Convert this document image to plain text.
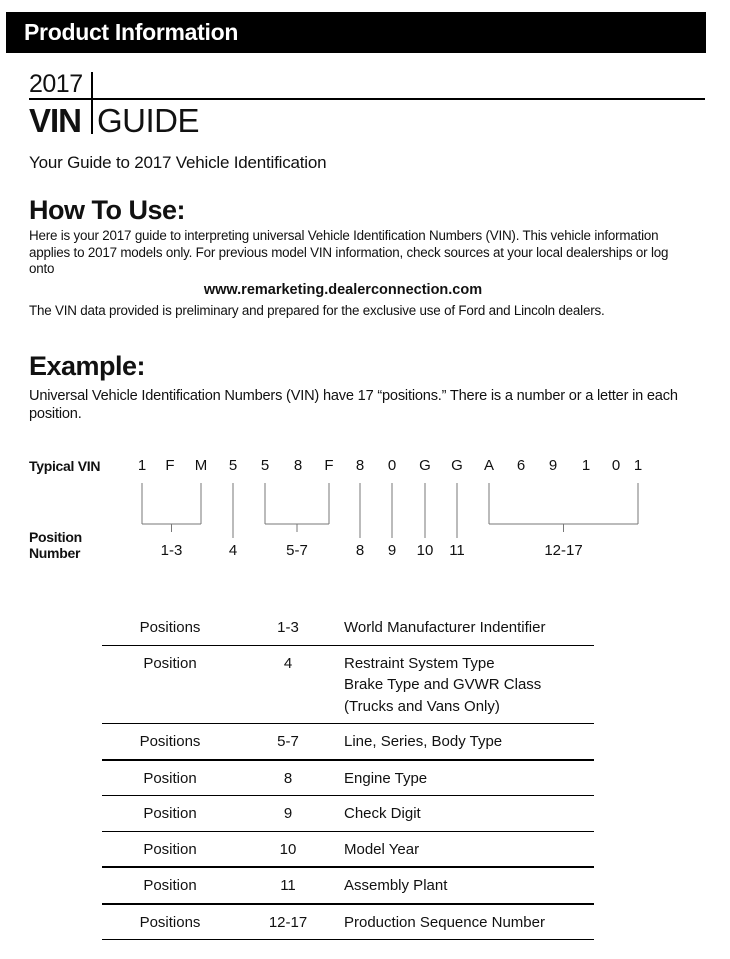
Product Information
2017
VIN GUIDE
Your Guide to 2017 Vehicle Identification
How To Use:
Here is your 2017 guide to interpreting universal Vehicle Identification Numbers (VIN). This vehicle information applies to 2017 models only. For previous model VIN information, check sources at your local dealerships or log onto
www.remarketing.dealerconnection.com
The VIN data provided is preliminary and prepared for the exclusive use of Ford and Lincoln dealers.
Example:
Universal Vehicle Identification Numbers (VIN) have 17 “positions.” There is a number or a letter in each position.
Typical VIN
Position Number
1	F	M	5	5	8	F	8	0	G G	A	6	9	1	0 1
1-3	4	5-7	8	9	10	11	12-17
Positions	1-3	World Manufacturer Indentifier
Position	4	Restraint System Type
Brake Type and GVWR Class
(Trucks and Vans Only)
Positions	5-7	Line, Series, Body Type
Position	8	Engine Type
Position	9	Check Digit
Position	10	Model Year
Position	11	Assembly Plant
Positions	12-17	Production Sequence Number
